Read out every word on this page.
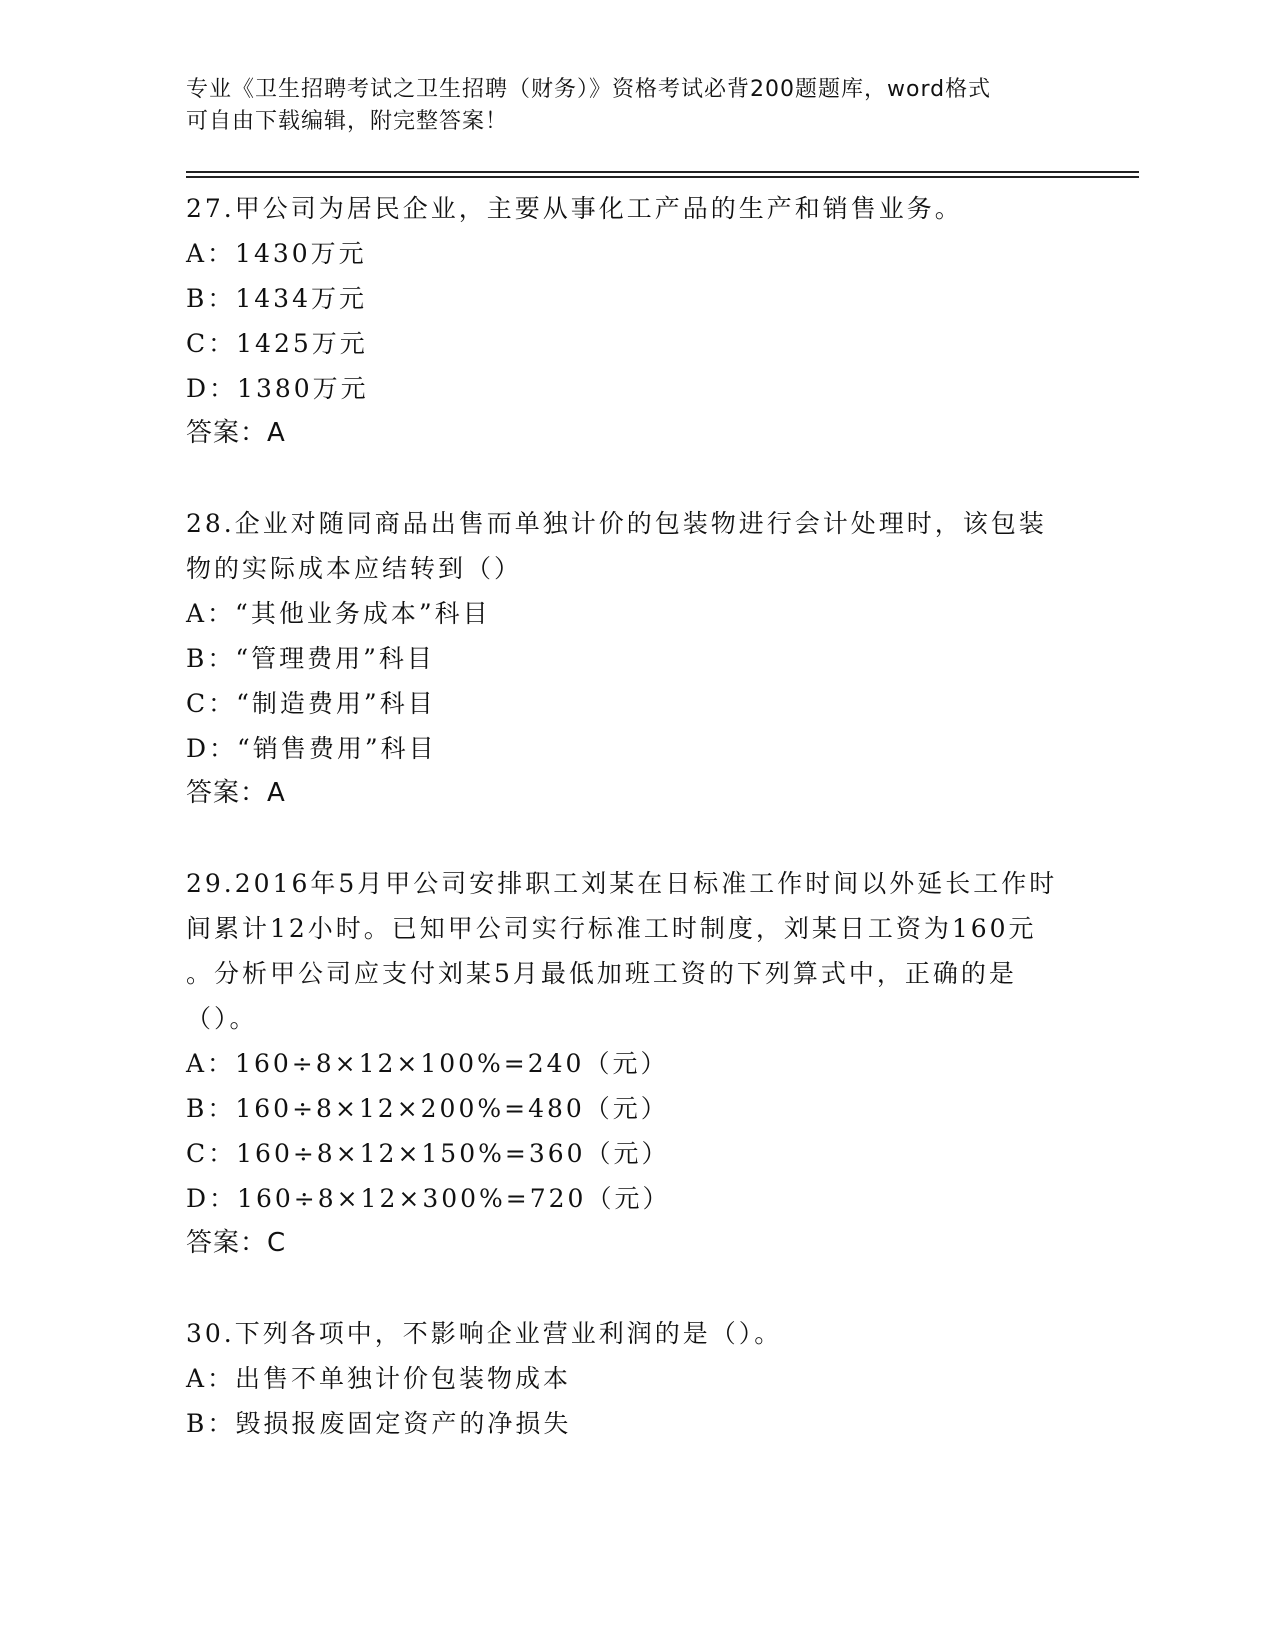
专业《卫生招聘考试之卫生招聘（财务）》资格考试必背200题题库，word格式
可自由下载编辑，附完整答案！
27.甲公司为居民企业，主要从事化工产品的生产和销售业务。
A：1430万元
B：1434万元
C：1425万元
D：1380万元
答案：A
28.企业对随同商品出售而单独计价的包装物进行会计处理时，该包装
物的实际成本应结转到（）
A：“其他业务成本”科目
B：“管理费用”科目
C：“制造费用”科目
D：“销售费用”科目
答案：A
29.2016年5月甲公司安排职工刘某在日标准工作时间以外延长工作时
间累计12小时。已知甲公司实行标准工时制度，刘某日工资为160元
。分析甲公司应支付刘某5月最低加班工资的下列算式中，正确的是
（）。
A：160÷8×12×100%=240（元）
B：160÷8×12×200%=480（元）
C：160÷8×12×150%=360（元）
D：160÷8×12×300%=720（元）
答案：C
30.下列各项中，不影响企业营业利润的是（）。
A：出售不单独计价包装物成本
B：毁损报废固定资产的净损失
